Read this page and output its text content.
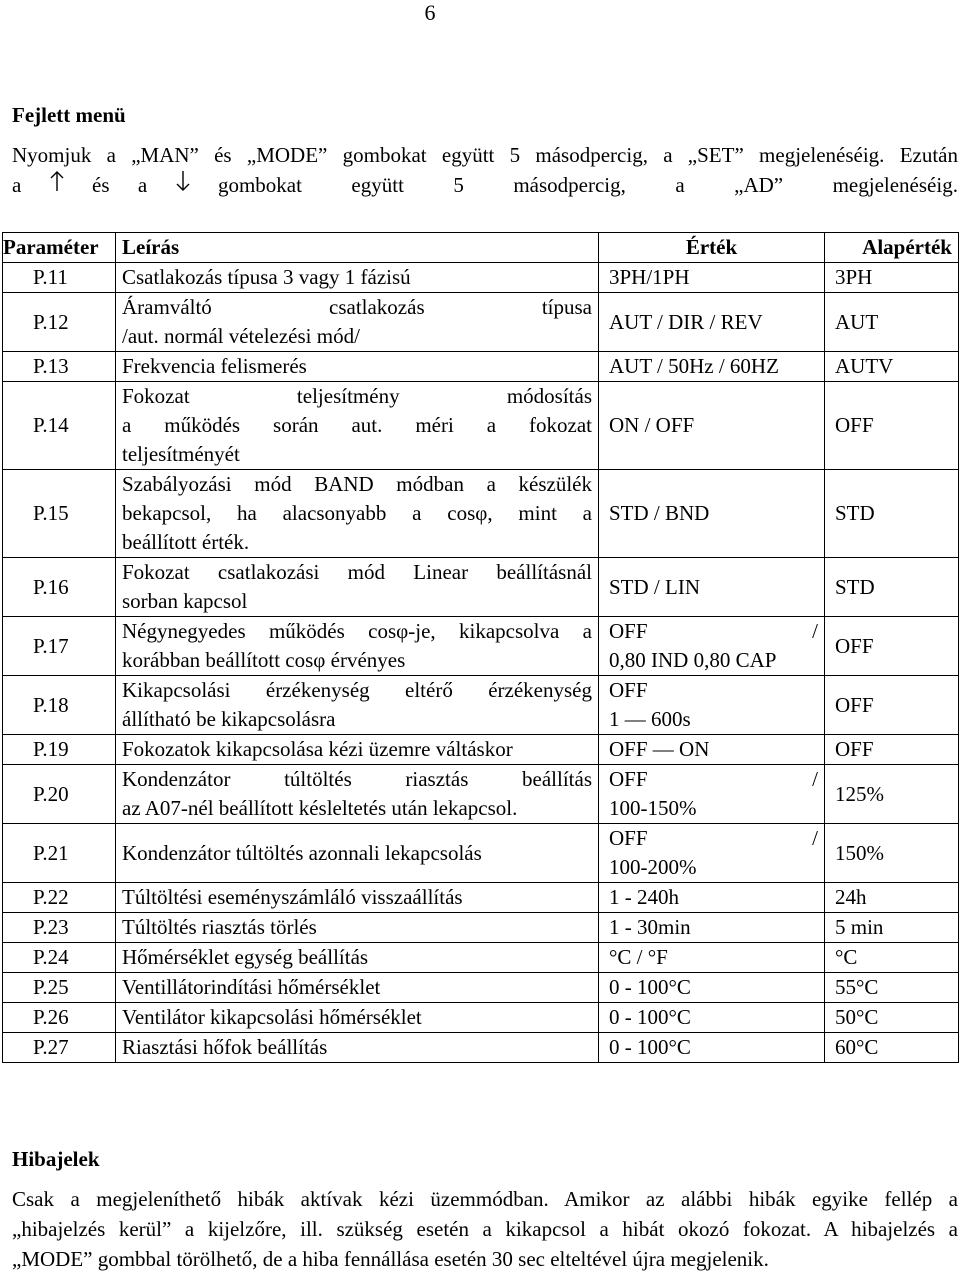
6
Fejlett menü
Nyomjuk a „MAN” és „MODE” gombokat együtt 5 másodpercig, a „SET” megjelenéséig. Ezután
a	és a	gombokat együtt 5 másodpercig, a „AD” megjelenéséig.
Paraméter	Leírás	Érték	Alapérték
P.11	Csatlakozás típusa 3 vagy 1 fázisú	3PH/1PH	3PH
P.12	Áramváltó csatlakozás típusa
/aut. normál vételezési mód/	AUT / DIR / REV	AUT
P.13	Frekvencia felismerés	AUT / 50Hz / 60HZ	AUTV
P.14	Fokozat teljesítmény módosítás
a működés során aut. méri a fokozat
teljesítményét	ON / OFF	OFF
P.15	Szabályozási mód BAND módban a készülék
bekapcsol, ha alacsonyabb a cosφ, mint a
beállított érték.	STD / BND	STD
P.16	Fokozat csatlakozási mód Linear beállításnál
sorban kapcsol	STD / LIN	STD
P.17	Négynegyedes működés cosφ-je, kikapcsolva a
korábban beállított cosφ érvényes	OFF /
0,80 IND 0,80 CAP	OFF
P.18	Kikapcsolási érzékenység eltérő érzékenység
állítható be kikapcsolásra	OFF
1 — 600s	OFF
P.19	Fokozatok kikapcsolása kézi üzemre váltáskor	OFF — ON	OFF
P.20	Kondenzátor túltöltés riasztás beállítás
az A07-nél beállított késleltetés után lekapcsol.	OFF /
100-150%	125%
P.21	Kondenzátor túltöltés azonnali lekapcsolás	OFF /
100-200%	150%
P.22	Túltöltési eseményszámláló visszaállítás	1 - 240h	24h
P.23	Túltöltés riasztás törlés	1 - 30min	5 min
P.24	Hőmérséklet egység beállítás	°C / °F	°C
P.25	Ventillátorindítási hőmérséklet	0 - 100°C	55°C
P.26	Ventilátor kikapcsolási hőmérséklet	0 - 100°C	50°C
P.27	Riasztási hőfok beállítás	0 - 100°C	60°C
Hibajelek
Csak a megjeleníthető hibák aktívak kézi üzemmódban. Amikor az alábbi hibák egyike fellép a
„hibajelzés kerül” a kijelzőre, ill. szükség esetén a kikapcsol a hibát okozó fokozat. A hibajelzés a
„MODE” gombbal törölhető, de a hiba fennállása esetén 30 sec elteltével újra megjelenik.
